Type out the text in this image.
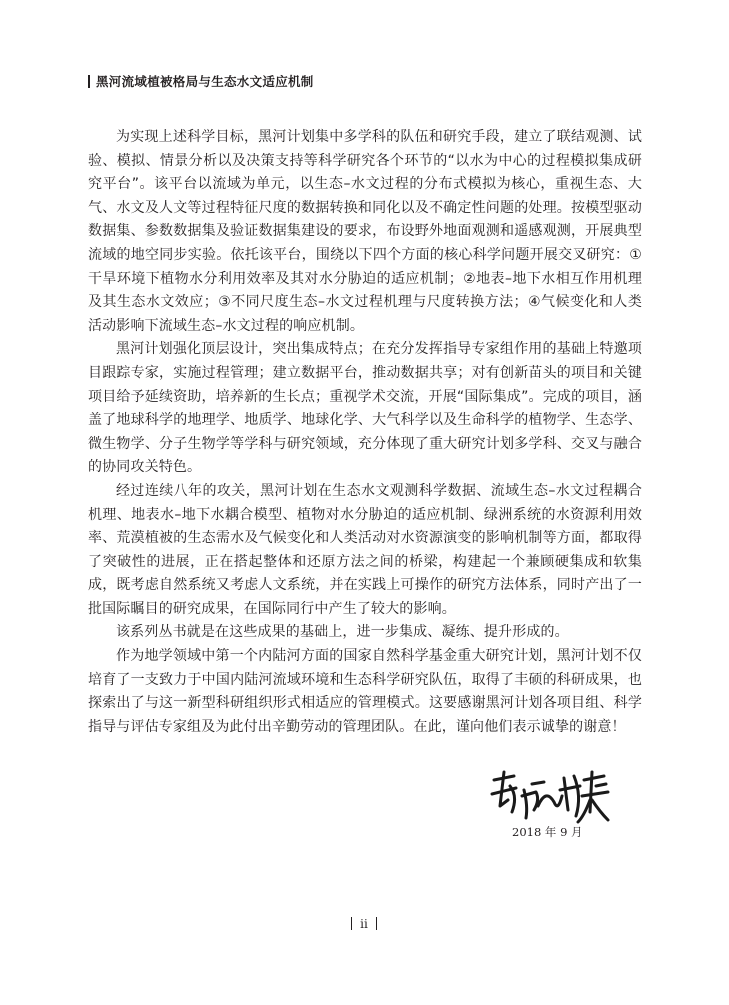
黑河流域植被格局与生态水文适应机制

为实现上述科学目标，黑河计划集中多学科的队伍和研究手段，建立了联结观测、试验、模拟、情景分析以及决策支持等科学研究各个环节的“以水为中心的过程模拟集成研究平台”。该平台以流域为单元，以生态–水文过程的分布式模拟为核心，重视生态、大气、水文及人文等过程特征尺度的数据转换和同化以及不确定性问题的处理。按模型驱动数据集、参数数据集及验证数据集建设的要求，布设野外地面观测和遥感观测，开展典型流域的地空同步实验。依托该平台，围绕以下四个方面的核心科学问题开展交叉研究：①干旱环境下植物水分利用效率及其对水分胁迫的适应机制；②地表–地下水相互作用机理及其生态水文效应；③不同尺度生态–水文过程机理与尺度转换方法；④气候变化和人类活动影响下流域生态–水文过程的响应机制。

黑河计划强化顶层设计，突出集成特点；在充分发挥指导专家组作用的基础上特邀项目跟踪专家，实施过程管理；建立数据平台，推动数据共享；对有创新苗头的项目和关键项目给予延续资助，培养新的生长点；重视学术交流，开展“国际集成”。完成的项目，涵盖了地球科学的地理学、地质学、地球化学、大气科学以及生命科学的植物学、生态学、微生物学、分子生物学等学科与研究领域，充分体现了重大研究计划多学科、交叉与融合的协同攻关特色。

经过连续八年的攻关，黑河计划在生态水文观测科学数据、流域生态–水文过程耦合机理、地表水–地下水耦合模型、植物对水分胁迫的适应机制、绿洲系统的水资源利用效率、荒漠植被的生态需水及气候变化和人类活动对水资源演变的影响机制等方面，都取得了突破性的进展，正在搭起整体和还原方法之间的桥梁，构建起一个兼顾硬集成和软集成，既考虑自然系统又考虑人文系统，并在实践上可操作的研究方法体系，同时产出了一批国际瞩目的研究成果，在国际同行中产生了较大的影响。

该系列丛书就是在这些成果的基础上，进一步集成、凝练、提升形成的。

作为地学领域中第一个内陆河方面的国家自然科学基金重大研究计划，黑河计划不仅培育了一支致力于中国内陆河流域环境和生态科学研究队伍，取得了丰硕的科研成果，也探索出了与这一新型科研组织形式相适应的管理模式。这要感谢黑河计划各项目组、科学指导与评估专家组及为此付出辛勤劳动的管理团队。在此，谨向他们表示诚挚的谢意！

2018 年 9 月
ii
